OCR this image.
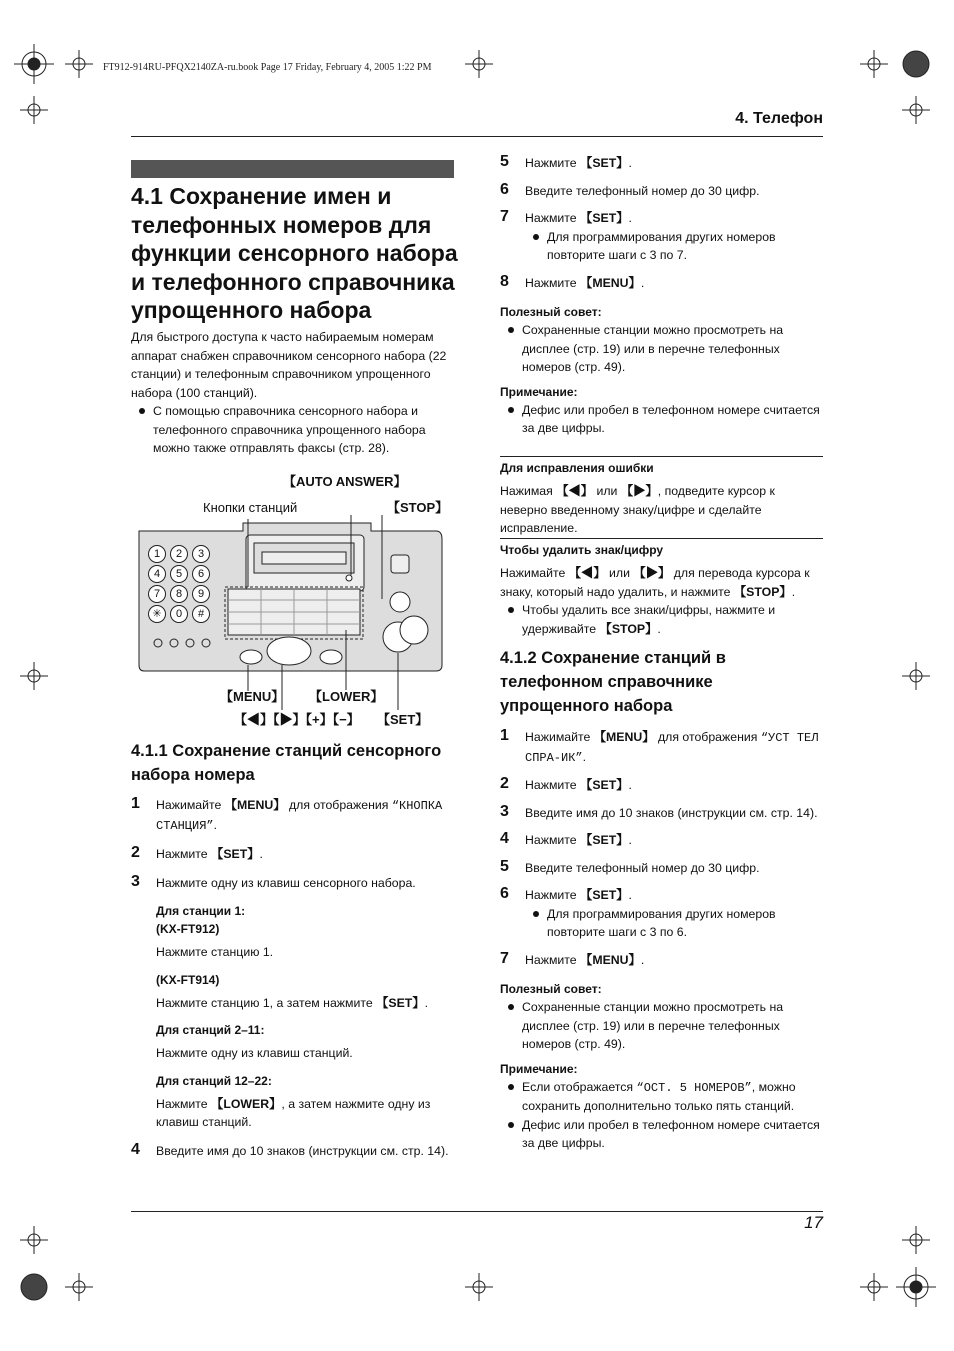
FT912-914RU-PFQX2140ZA-ru.book Page 17 Friday, February 4, 2005 1:22 PM
4. Телефон
4.1 Сохранение имен и телефонных номеров для функции сенсорного набора и телефонного справочника упрощенного набора
Для быстрого доступа к часто набираемым номерам аппарат снабжен справочником сенсорного набора (22 станции) и телефонным справочником упрощенного набора (100 станций).
С помощью справочника сенсорного набора и телефонного справочника упрощенного набора можно также отправлять факсы (стр. 28).
【AUTO ANSWER】
Кнопки станций	【STOP】
【MENU】 【LOWER】
【◀】【▶】【+】【−】 【SET】
1	2	3
4	5	6
7	8	9
✳	0	#
4.1.1 Сохранение станций сенсорного набора номера
1 Нажимайте 【MENU】 для отображения “КНОПКА СТАНЦИЯ”.
2 Нажмите 【SET】.
3 Нажмите одну из клавиш сенсорного набора.
Для станции 1:
(KX-FT912)
Нажмите станцию 1.
(KX-FT914)
Нажмите станцию 1, а затем нажмите 【SET】.
Для станций 2–11:
Нажмите одну из клавиш станций.
Для станций 12–22:
Нажмите 【LOWER】, а затем нажмите одну из клавиш станций.
4 Введите имя до 10 знаков (инструкции см. стр. 14).
5 Нажмите 【SET】.
6 Введите телефонный номер до 30 цифр.
7 Нажмите 【SET】.
Для программирования других номеров повторите шаги с 3 по 7.
8 Нажмите 【MENU】.
Полезный совет:
Сохраненные станции можно просмотреть на дисплее (стр. 19) или в перечне телефонных номеров (стр. 49).
Примечание:
Дефис или пробел в телефонном номере считается за две цифры.
Для исправления ошибки
Нажимая 【◀】 или 【▶】, подведите курсор к неверно введенному знаку/цифре и сделайте исправление.
Чтобы удалить знак/цифру
Нажимайте 【◀】 или 【▶】 для перевода курсора к знаку, который надо удалить, и нажмите 【STOP】.
Чтобы удалить все знаки/цифры, нажмите и удерживайте 【STOP】.
4.1.2 Сохранение станций в телефонном справочнике упрощенного набора
1 Нажимайте 【MENU】 для отображения “УСТ ТЕЛ СПРА-ИК”.
2 Нажмите 【SET】.
3 Введите имя до 10 знаков (инструкции см. стр. 14).
4 Нажмите 【SET】.
5 Введите телефонный номер до 30 цифр.
6 Нажмите 【SET】.
Для программирования других номеров повторите шаги с 3 по 6.
7 Нажмите 【MENU】.
Полезный совет:
Сохраненные станции можно просмотреть на дисплее (стр. 19) или в перечне телефонных номеров (стр. 49).
Примечание:
Если отображается “ОСТ. 5 НОМЕРОВ”, можно сохранить дополнительно только пять станций.
Дефис или пробел в телефонном номере считается за две цифры.
17
